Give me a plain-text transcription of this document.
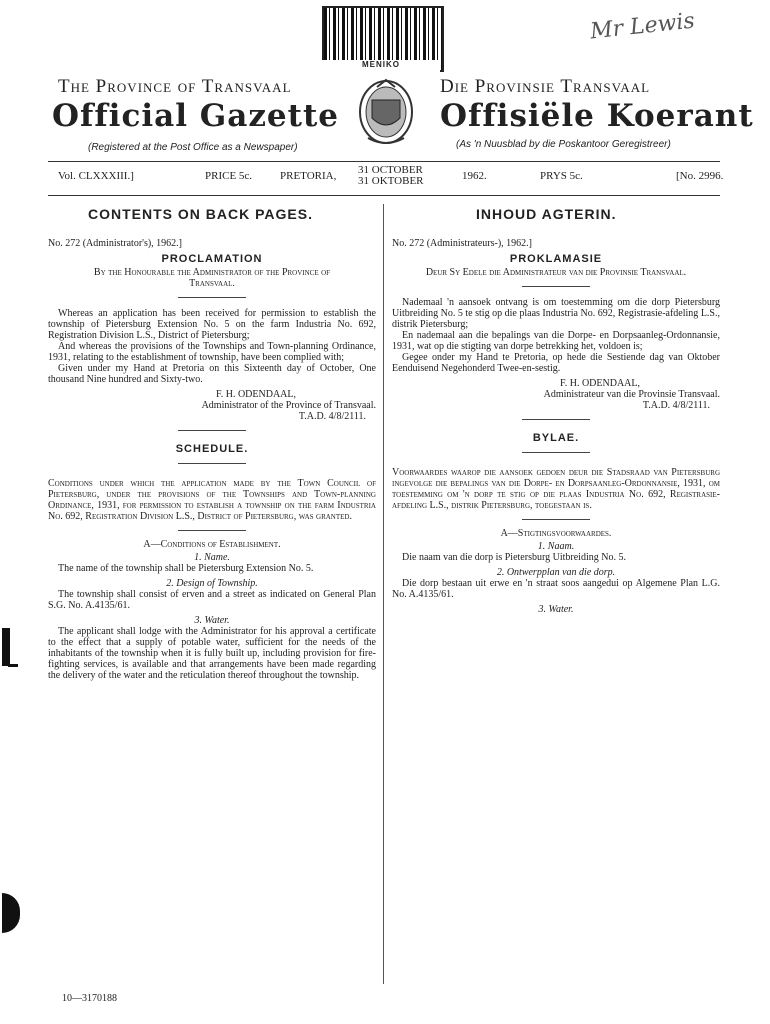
MENIKO
Mr Lewis
The Province of Transvaal	Die Provinsie Transvaal
Official Gazette	Offisiële Koerant
(Registered at the Post Office as a Newspaper)	(As 'n Nuusblad by die Poskantoor Geregistreer)
Vol. CLXXXIII.]	PRICE 5c.	PRETORIA, 31 OCTOBER
31 OKTOBER	1962.	PRYS 5c.	[No. 2996.
CONTENTS ON BACK PAGES.	INHOUD AGTERIN.
No. 272 (Administrator's), 1962.]
PROCLAMATION
By the Honourable the Administrator of the Province of Transvaal.

Whereas an application has been received for permission to establish the township of Pietersburg Extension No. 5 on the farm Industria No. 692, Registration Division L.S., District of Pietersburg;

And whereas the provisions of the Townships and Town-planning Ordinance, 1931, relating to the establishment of township, have been complied with;

Given under my Hand at Pretoria on this Sixteenth day of October, One thousand Nine hundred and Sixty-two.

F. H. ODENDAAL,
Administrator of the Province of Transvaal.
T.A.D. 4/8/2111.
SCHEDULE.

Conditions under which the application made by the Town Council of Pietersburg, under the provisions of the Townships and Town-planning Ordinance, 1931, for permission to establish a township on the farm Industria No. 692, Registration Division L.S., District of Pietersburg, was granted.

A—Conditions of Establishment.
1. Name.

The name of the township shall be Pietersburg Extension No. 5.

2. Design of Township.

The township shall consist of erven and a street as indicated on General Plan S.G. No. A.4135/61.

3. Water.

The applicant shall lodge with the Administrator for his approval a certificate to the effect that a supply of potable water, sufficient for the needs of the inhabitants of the township when it is fully built up, including provision for fire-fighting services, is available and that arrangements have been made regarding the delivery of the water and the reticulation thereof throughout the township.

10—3170188
No. 272 (Administrateurs-), 1962.]
PROKLAMASIE
Deur Sy Edele die Administrateur van die Provinsie Transvaal.

Nademaal 'n aansoek ontvang is om toestemming om die dorp Pietersburg Uitbreiding No. 5 te stig op die plaas Industria No. 692, Registrasie-afdeling L.S., distrik Pietersburg;

En nademaal aan die bepalings van die Dorpe- en Dorpsaanleg-Ordonnansie, 1931, wat op die stigting van dorpe betrekking het, voldoen is;

Gegee onder my Hand te Pretoria, op hede die Sestiende dag van Oktober Eenduisend Negehonderd Twee-en-sestig.

F. H. ODENDAAL,
Administrateur van die Provinsie Transvaal.
T.A.D. 4/8/2111.
BYLAE.

Voorwaardes waarop die aansoek gedoen deur die Stadsraad van Pietersburg ingevolge die bepalings van die Dorpe- en Dorpsaanleg-Ordonnansie, 1931, om toestemming om 'n dorp te stig op die plaas Industria No. 692, Registrasie-afdeling L.S., distrik Pietersburg, toegestaan is.

A—Stigtingsvoorwaardes.
1. Naam.

Die naam van die dorp is Pietersburg Uitbreiding No. 5.

2. Ontwerpplan van die dorp.

Die dorp bestaan uit erwe en 'n straat soos aangedui op Algemene Plan L.G. No. A.4135/61.

3. Water.
